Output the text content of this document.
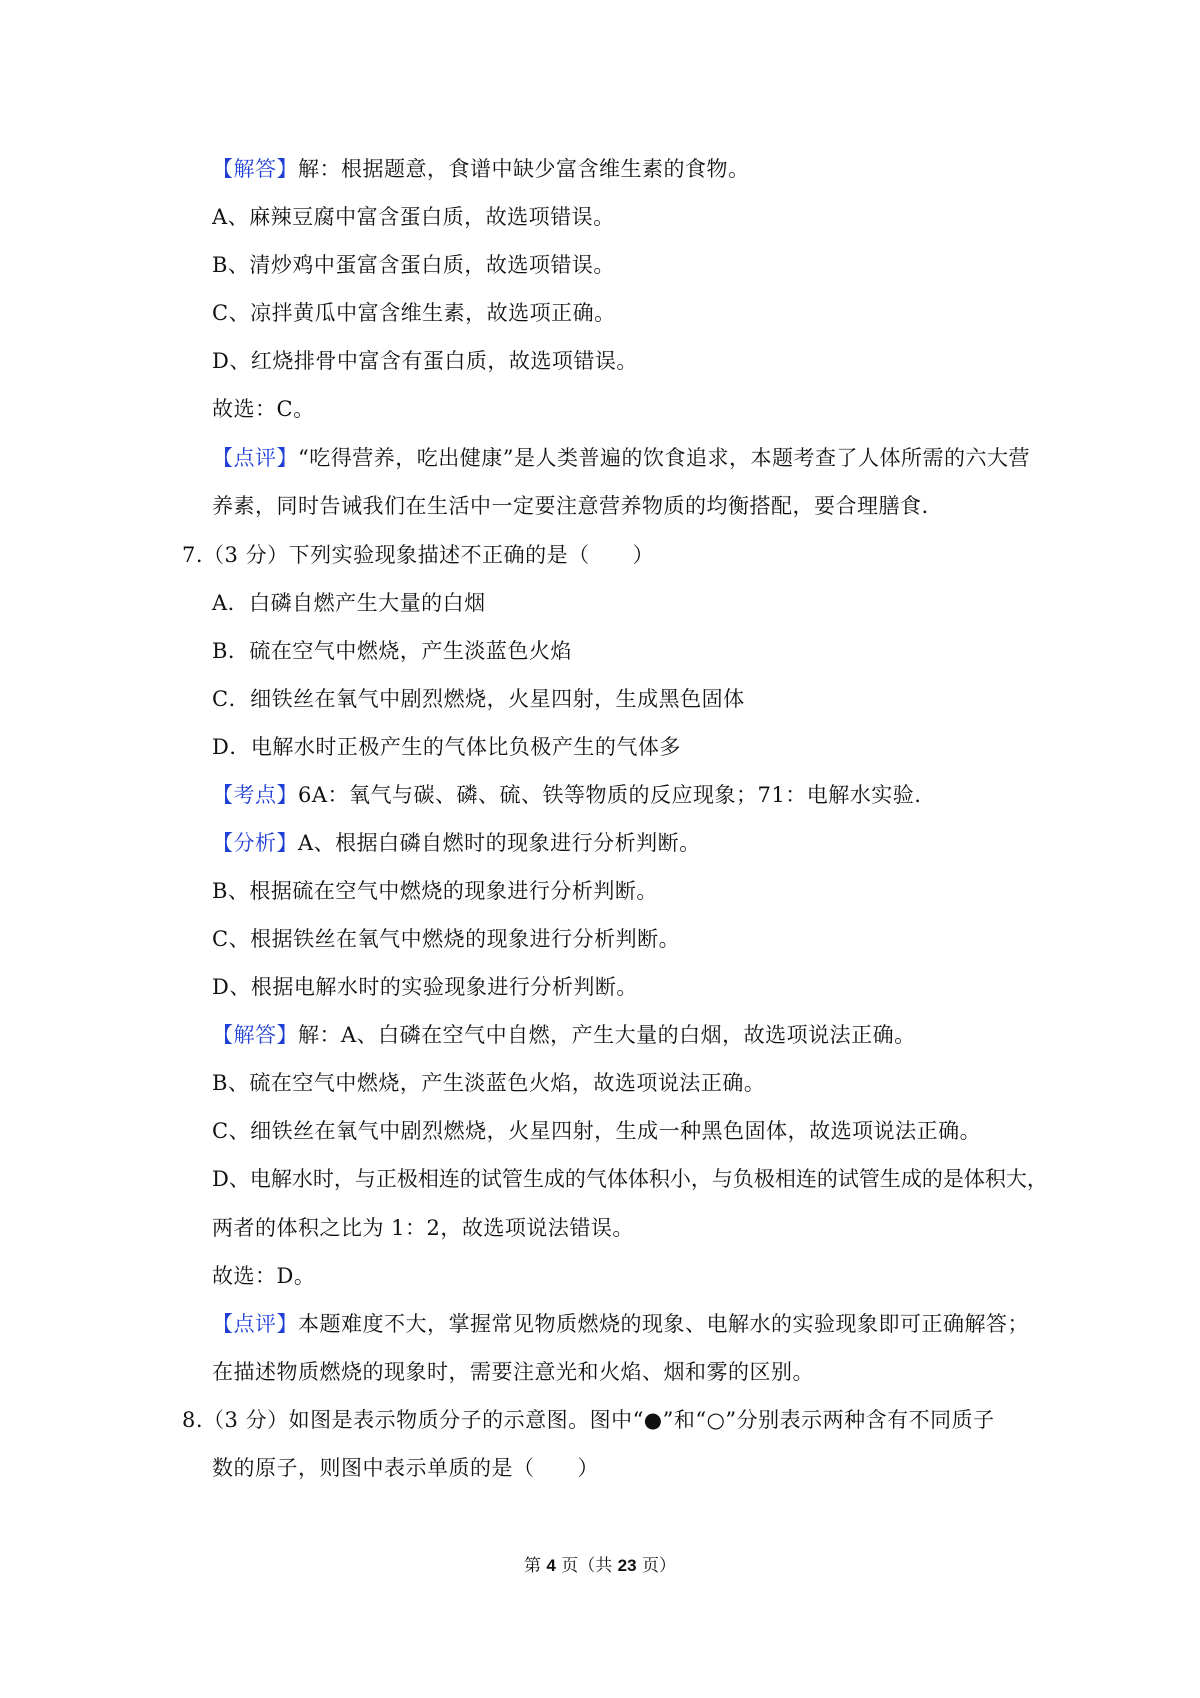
【解答】解：根据题意，食谱中缺少富含维生素的食物。
A、麻辣豆腐中富含蛋白质，故选项错误。
B、清炒鸡中蛋富含蛋白质，故选项错误。
C、凉拌黄瓜中富含维生素，故选项正确。
D、红烧排骨中富含有蛋白质，故选项错误。
故选：C。
【点评】“吃得营养，吃出健康”是人类普遍的饮食追求，本题考查了人体所需的六大营
养素，同时告诫我们在生活中一定要注意营养物质的均衡搭配，要合理膳食.
7.（3 分）下列实验现象描述不正确的是（　　）
A．白磷自燃产生大量的白烟
B．硫在空气中燃烧，产生淡蓝色火焰
C．细铁丝在氧气中剧烈燃烧，火星四射，生成黑色固体
D．电解水时正极产生的气体比负极产生的气体多
【考点】6A：氧气与碳、磷、硫、铁等物质的反应现象；71：电解水实验.
【分析】A、根据白磷自燃时的现象进行分析判断。
B、根据硫在空气中燃烧的现象进行分析判断。
C、根据铁丝在氧气中燃烧的现象进行分析判断。
D、根据电解水时的实验现象进行分析判断。
【解答】解：A、白磷在空气中自燃，产生大量的白烟，故选项说法正确。
B、硫在空气中燃烧，产生淡蓝色火焰，故选项说法正确。
C、细铁丝在氧气中剧烈燃烧，火星四射，生成一种黑色固体，故选项说法正确。
D、电解水时，与正极相连的试管生成的气体体积小，与负极相连的试管生成的是体积大，
两者的体积之比为 1：2，故选项说法错误。
故选：D。
【点评】本题难度不大，掌握常见物质燃烧的现象、电解水的实验现象即可正确解答；
在描述物质燃烧的现象时，需要注意光和火焰、烟和雾的区别。
8.（3 分）如图是表示物质分子的示意图。图中“●”和“○”分别表示两种含有不同质子
数的原子，则图中表示单质的是（　　）
第 4 页（共 23 页）
